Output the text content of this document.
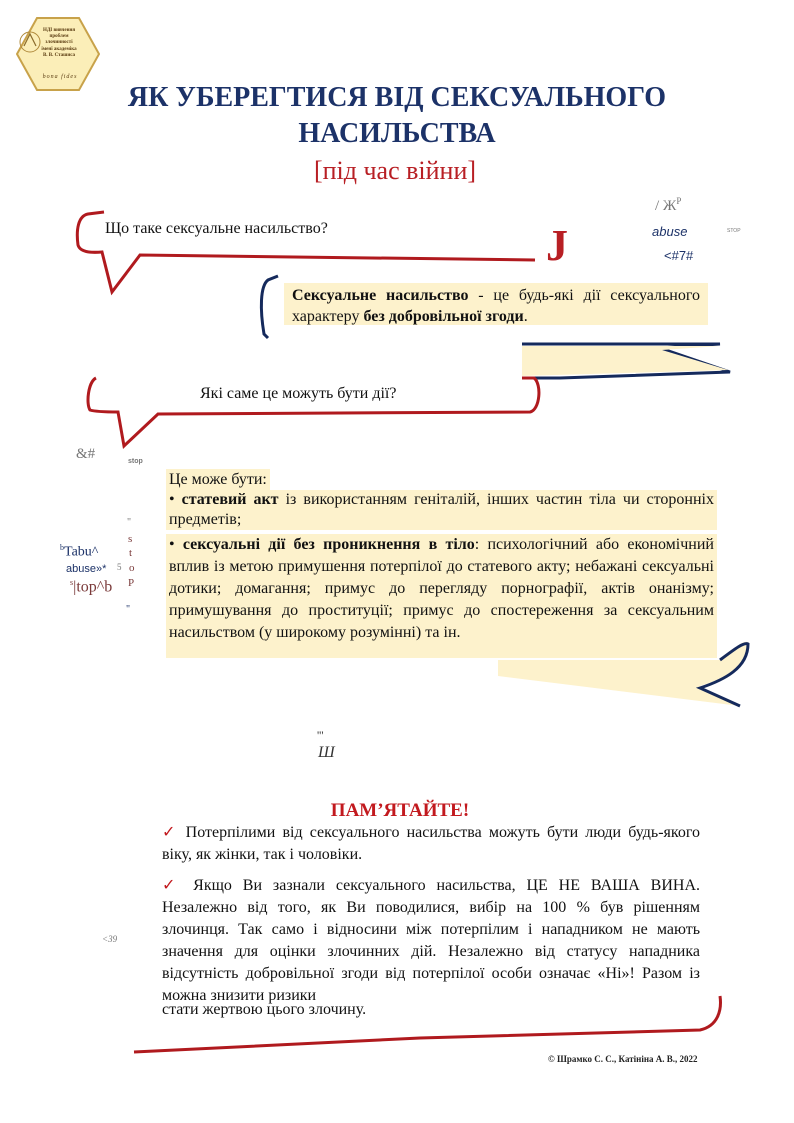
НДІ вивчення
проблем
злочинності
імені академіка
В. В. Сташиса
bona fides
ЯК УБЕРЕГТИСЯ ВІД СЕКСУАЛЬНОГО НАСИЛЬСТВА
[під час війни]
Що таке сексуальне насильство?
Сексуальне насильство - це будь-які дії сексуального характеру без добровільної згоди.
Які саме це можуть бути дії?
Це може бути:
• статевий акт із використанням геніталій, інших частин тіла чи сторонніх предметів;
• сексуальні дії без проникнення в тіло: психологічний або економічний вплив із метою примушення потерпілої до статевого акту; небажані сексуальні дотики; домагання; примус до перегляду порнографії, актів онанізму; примушування до проституції; примус до спостереження за сексуальним насильством (у широкому розумінні) та ін.
ПАМ’ЯТАЙТЕ!
✓ Потерпілими від сексуального насильства можуть бути люди будь-якого віку, як жінки, так і чоловіки.
✓ Якщо Ви зазнали сексуального насильства, ЦЕ НЕ ВАША ВИНА. Незалежно від того, як Ви поводилися, вибір на 100 % був рішенням злочинця. Так само і відносини між потерпілим і нападником не мають значення для оцінки злочинних дій. Незалежно від статусу нападника відсутність добровільної згоди від потерпілої особи означає «Ні»! Разом із можна знизити ризики
стати жертвою цього злочину.
© Шрамко С. С., Катініна А. В., 2022
/ $Ж^P$
abuse
<#7#
J	STOP
&#	stop
$^b$Tabu^
abuse»*
$^s$|top^b
5
s
t
o
P
"
"
'''
Ш
<39
